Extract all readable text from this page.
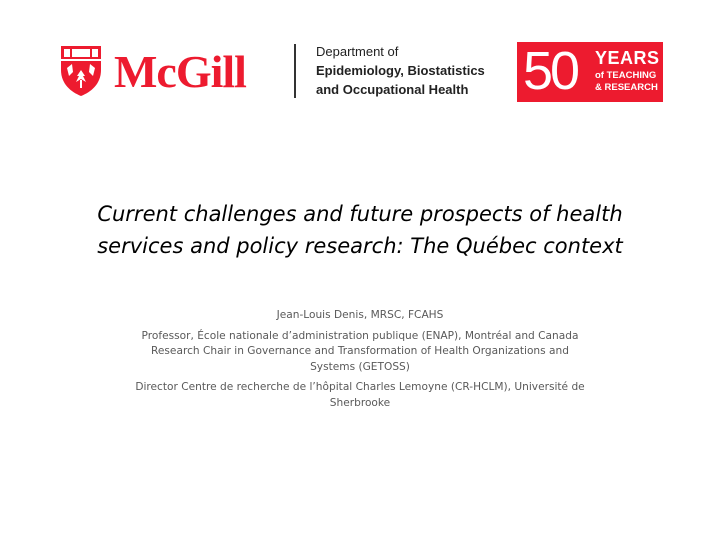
McGill	Department of
Epidemiology, Biostatistics
and Occupational Health	50 YEARS
of TEACHING
& RESEARCH
Current challenges and future prospects of health
services and policy research: The Québec context
Jean-Louis Denis, MRSC, FCAHS
Professor, École nationale d’administration publique (ENAP), Montréal and Canada
Research Chair in Governance and Transformation of Health Organizations and
Systems (GETOSS)
Director Centre de recherche de l’hôpital Charles Lemoyne (CR-HCLM), Université de
Sherbrooke
